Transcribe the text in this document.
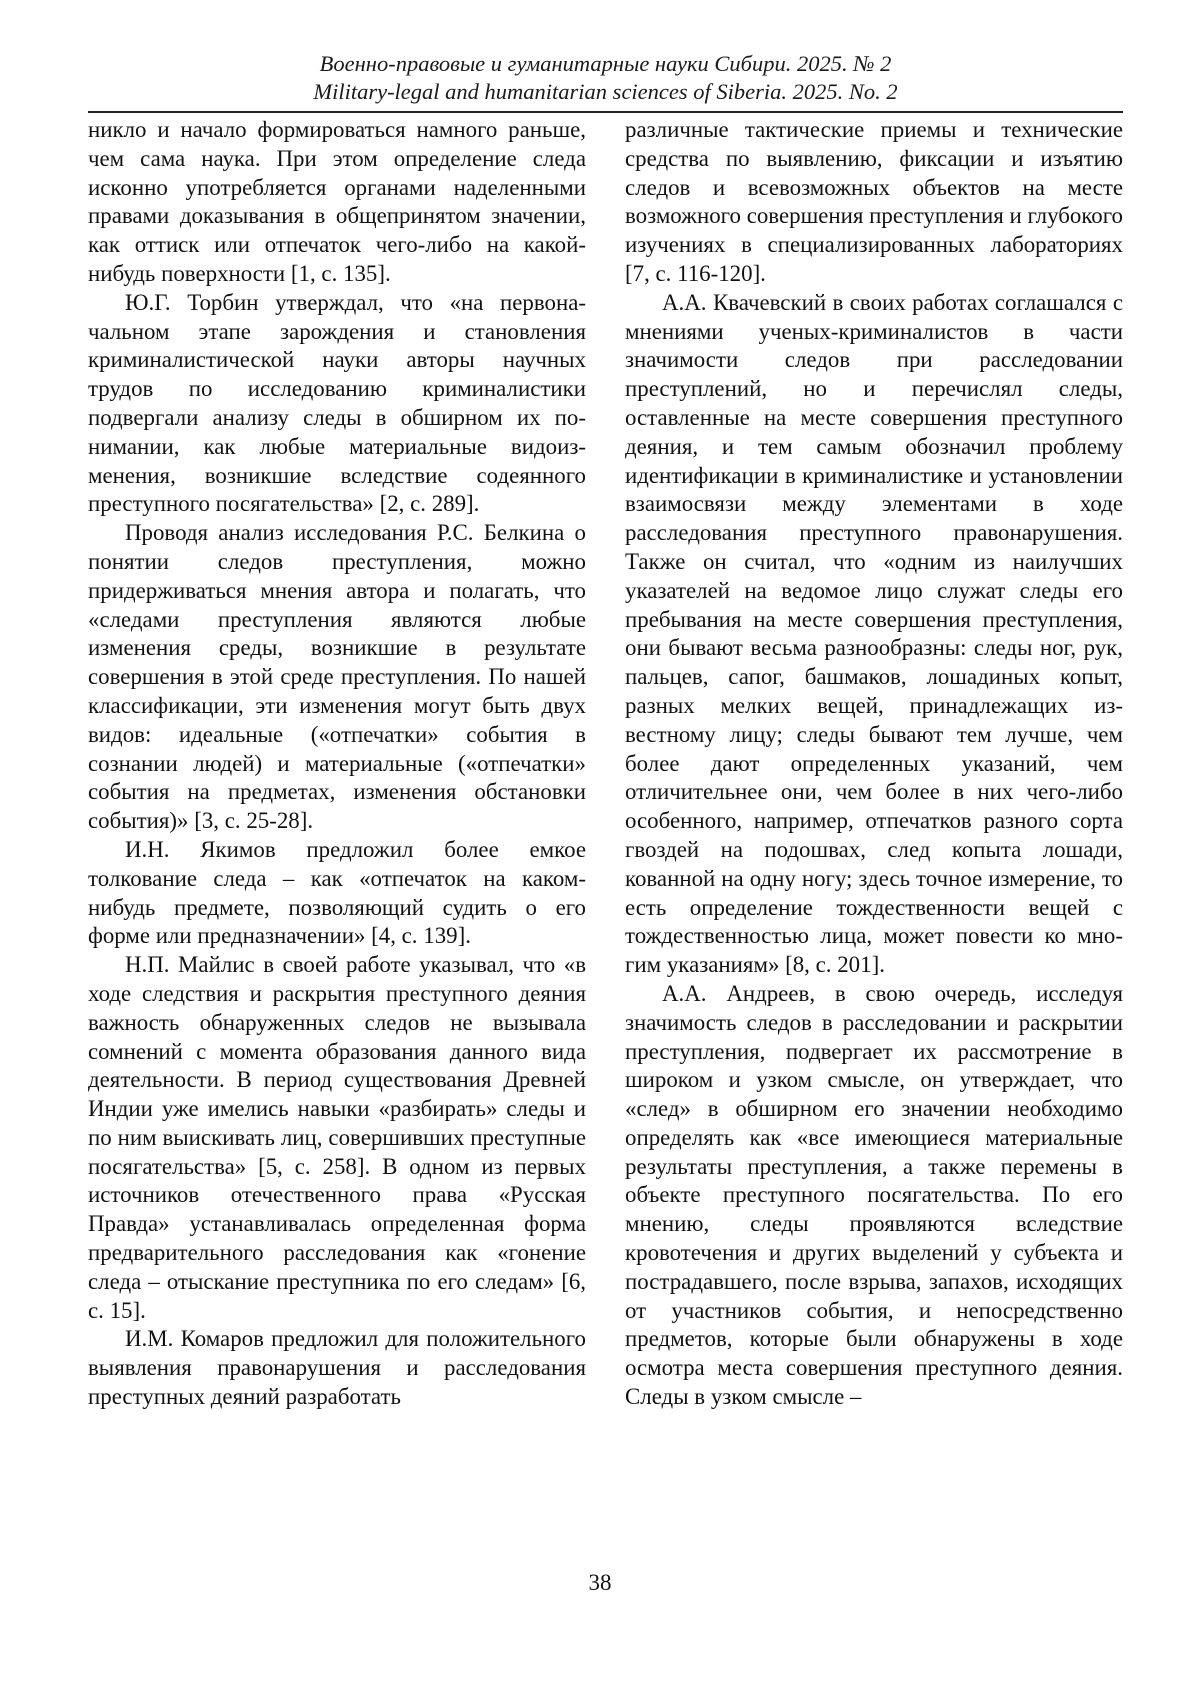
Военно-правовые и гуманитарные науки Сибири. 2025. № 2
Military-legal and humanitarian sciences of Siberia. 2025. No. 2

никло и начало формироваться намного раньше, чем сама наука. При этом определение следа исконно употребляется органами наделенными правами доказывания в общепринятом значении, как оттиск или отпечаток чего-либо на какой-нибудь поверхности [1, с. 135].

Ю.Г. Торбин утверждал, что «на первоначальном этапе зарождения и становления криминалистической науки авторы научных трудов по исследованию криминалистики подвергали анализу следы в обширном их понимании, как любые материальные видоизменения, возникшие вследствие содеянного преступного посягательства» [2, с. 289].

Проводя анализ исследования Р.С. Белкина о понятии следов преступления, можно придерживаться мнения автора и полагать, что «следами преступления являются любые изменения среды, возникшие в результате совершения в этой среде преступления. По нашей классификации, эти изменения могут быть двух видов: идеальные («отпечатки» события в сознании людей) и материальные («отпечатки» события на предметах, изменения обстановки события)» [3, с. 25-28].

И.Н. Якимов предложил более емкое толкование следа – как «отпечаток на каком-нибудь предмете, позволяющий судить о его форме или предназначении» [4, с. 139].

Н.П. Майлис в своей работе указывал, что «в ходе следствия и раскрытия преступного деяния важность обнаруженных следов не вызывала сомнений с момента образования данного вида деятельности. В период существования Древней Индии уже имелись навыки «разбирать» следы и по ним выискивать лиц, совершивших преступные посягательства» [5, с. 258]. В одном из первых источников отечественного права «Русская Правда» устанавливалась определенная форма предварительного расследования как «гонение следа – отыскание преступника по его следам» [6, с. 15].

И.М. Комаров предложил для положительного выявления правонарушения и расследования преступных деяний разработать

различные тактические приемы и технические средства по выявлению, фиксации и изъятию следов и всевозможных объектов на месте возможного совершения преступления и глубокого изучениях в специализированных лабораториях [7, с. 116-120].

А.А. Квачевский в своих работах соглашался с мнениями ученых-криминалистов в части значимости следов при расследовании преступлений, но и перечислял следы, оставленные на месте совершения преступного деяния, и тем самым обозначил проблему идентификации в криминалистике и установлении взаимосвязи между элементами в ходе расследования преступного правонарушения. Также он считал, что «одним из наилучших указателей на ведомое лицо служат следы его пребывания на месте совершения преступления, они бывают весьма разнообразны: следы ног, рук, пальцев, сапог, башмаков, лошадиных копыт, разных мелких вещей, принадлежащих известному лицу; следы бывают тем лучше, чем более дают определенных указаний, чем отличительнее они, чем более в них чего-либо особенного, например, отпечатков разного сорта гвоздей на подошвах, след копыта лошади, кованной на одну ногу; здесь точное измерение, то есть определение тождественности вещей с тождественностью лица, может повести ко многим указаниям» [8, с. 201].

А.А. Андреев, в свою очередь, исследуя значимость следов в расследовании и раскрытии преступления, подвергает их рассмотрение в широком и узком смысле, он утверждает, что «след» в обширном его значении необходимо определять как «все имеющиеся материальные результаты преступления, а также перемены в объекте преступного посягательства. По его мнению, следы проявляются вследствие кровотечения и других выделений у субъекта и пострадавшего, после взрыва, запахов, исходящих от участников события, и непосредственно предметов, которые были обнаружены в ходе осмотра места совершения преступного деяния. Следы в узком смысле –

38
